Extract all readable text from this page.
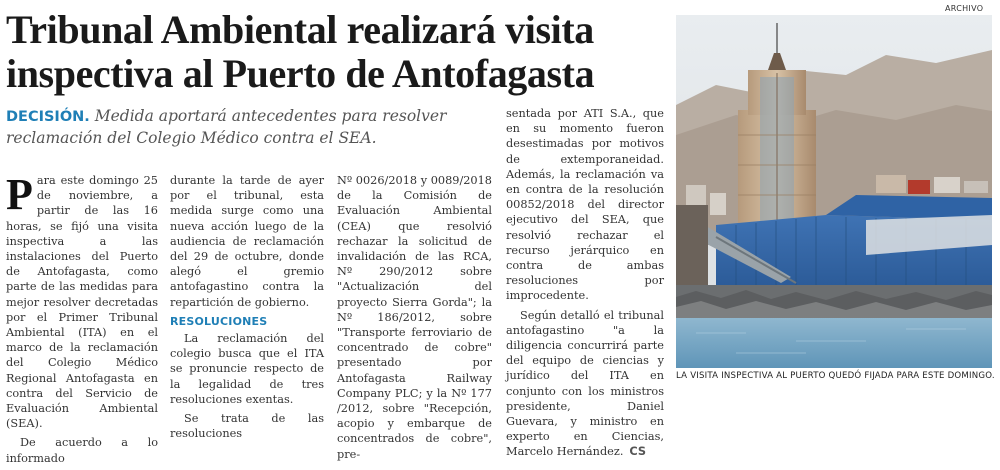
Tribunal Ambiental realizará visita inspectiva al Puerto de Antofagasta
DECISIÓN. Medida aportará antecedentes para resolver reclamación del Colegio Médico contra el SEA.

Para este domingo 25 de noviembre, a partir de las 16 horas, se fijó una visita inspectiva a las instalaciones del Puerto de Antofagasta, como parte de las medidas para mejor resolver decretadas por el Primer Tribunal Ambiental (ITA) en el marco de la reclamación del Colegio Médico Regional Antofagasta en contra del Servicio de Evaluación Ambiental (SEA).

De acuerdo a lo informado

durante la tarde de ayer por el tribunal, esta medida surge como una nueva acción luego de la audiencia de reclamación del 29 de octubre, donde alegó el gremio antofagastino contra la repartición de gobierno.

RESOLUCIONES

La reclamación del colegio busca que el ITA se pronuncie respecto de la legalidad de tres resoluciones exentas.

Se trata de las resoluciones

Nº 0026/2018 y 0089/2018 de la Comisión de Evaluación Ambiental (CEA) que resolvió rechazar la solicitud de invalidación de las RCA, Nº 290/2012 sobre "Actualización del proyecto Sierra Gorda"; la Nº 186/2012, sobre "Transporte ferroviario de concentrado de cobre" presentado por Antofagasta Railway Company PLC; y la Nº 177 /2012, sobre "Recepción, acopio y embarque de concentrados de cobre", pre-

sentada por ATI S.A., que en su momento fueron desestimadas por motivos de extemporaneidad. Además, la reclamación va en contra de la resolución 00852/2018 del director ejecutivo del SEA, que resolvió rechazar el recurso jerárquico en contra de ambas resoluciones por improcedente.

Según detalló el tribunal antofagastino "a la diligencia concurrirá parte del equipo de ciencias y jurídico del ITA en conjunto con los ministros presidente, Daniel Guevara, y ministro en experto en Ciencias, Marcelo Hernández. CS

ARCHIVO
LA VISITA INSPECTIVA AL PUERTO QUEDÓ FIJADA PARA ESTE DOMINGO.
